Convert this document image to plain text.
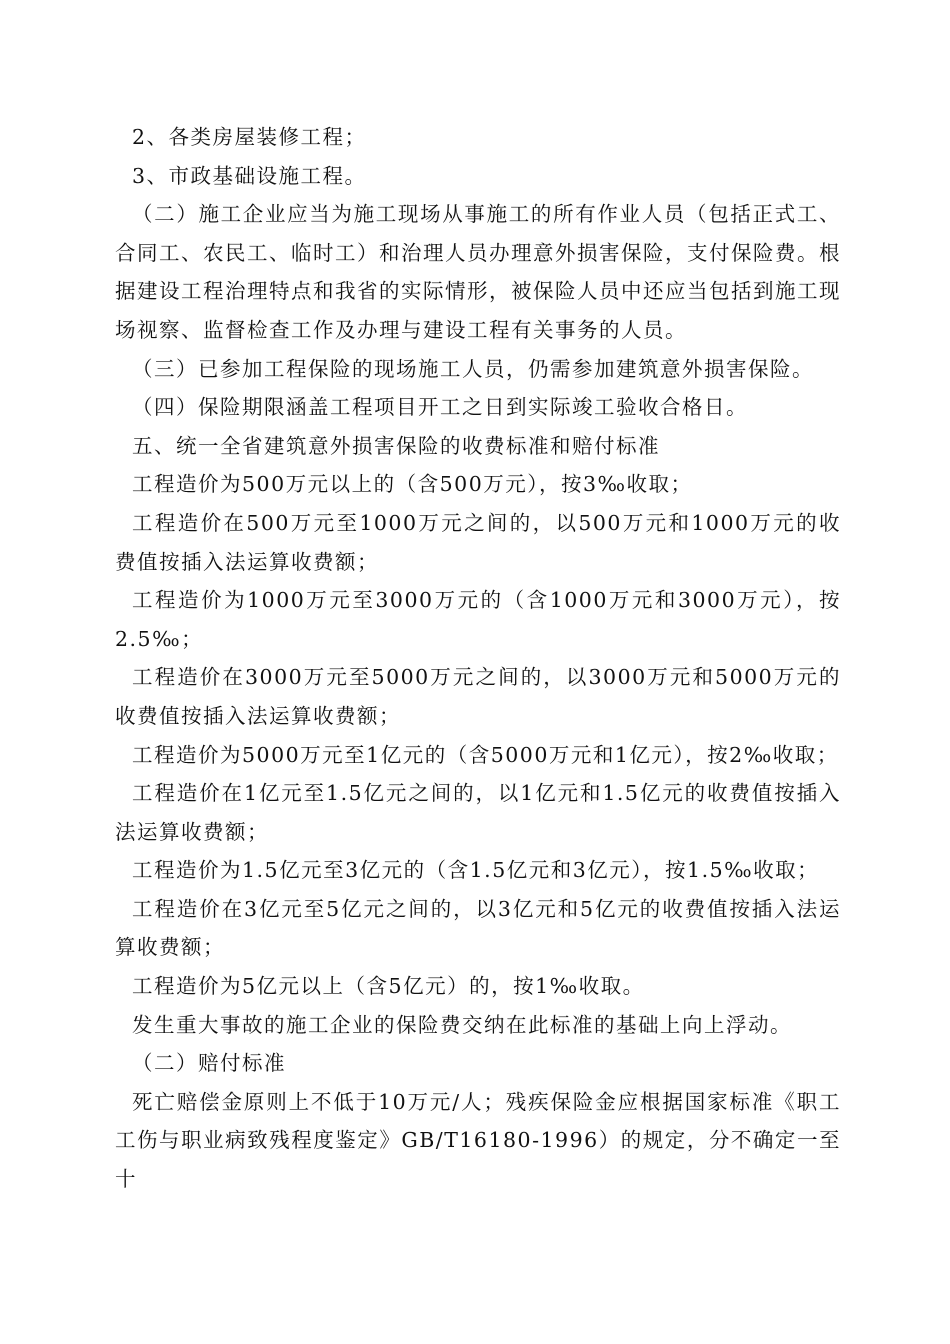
2、各类房屋装修工程；

3、市政基础设施工程。

（二）施工企业应当为施工现场从事施工的所有作业人员（包括正式工、合同工、农民工、临时工）和治理人员办理意外损害保险，支付保险费。根据建设工程治理特点和我省的实际情形，被保险人员中还应当包括到施工现场视察、监督检查工作及办理与建设工程有关事务的人员。

（三）已参加工程保险的现场施工人员，仍需参加建筑意外损害保险。

（四）保险期限涵盖工程项目开工之日到实际竣工验收合格日。

五、统一全省建筑意外损害保险的收费标准和赔付标准

工程造价为500万元以上的（含500万元），按3‰收取；

工程造价在500万元至1000万元之间的，以500万元和1000万元的收费值按插入法运算收费额；

工程造价为1000万元至3000万元的（含1000万元和3000万元），按2.5‰；

工程造价在3000万元至5000万元之间的，以3000万元和5000万元的收费值按插入法运算收费额；

工程造价为5000万元至1亿元的（含5000万元和1亿元），按2‰收取；

工程造价在1亿元至1.5亿元之间的，以1亿元和1.5亿元的收费值按插入法运算收费额；

工程造价为1.5亿元至3亿元的（含1.5亿元和3亿元），按1.5‰收取；

工程造价在3亿元至5亿元之间的，以3亿元和5亿元的收费值按插入法运算收费额；

工程造价为5亿元以上（含5亿元）的，按1‰收取。

发生重大事故的施工企业的保险费交纳在此标准的基础上向上浮动。

（二）赔付标准

死亡赔偿金原则上不低于10万元/人；残疾保险金应根据国家标准《职工工伤与职业病致残程度鉴定》GB/T16180-1996）的规定，分不确定一至十
